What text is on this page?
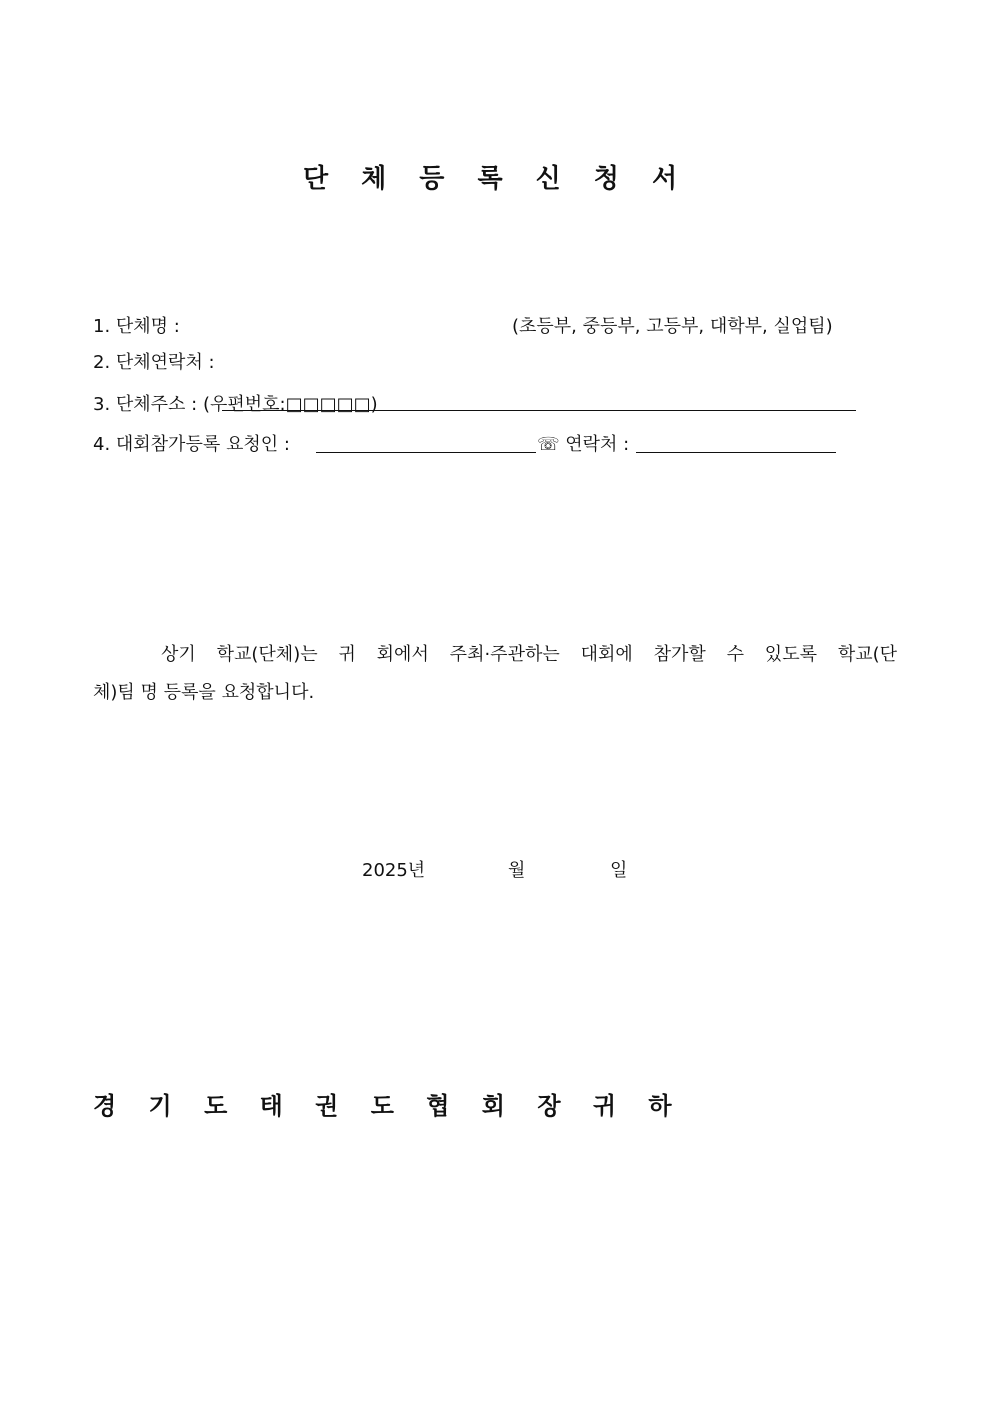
단 체 등 록 신 청 서
1. 단체명 :	(초등부, 중등부, 고등부, 대학부, 실업팀)
2. 단체연락처 :
3. 단체주소 : (우편번호:□□□□□)
4. 대회참가등록 요청인 :	☏ 연락처 :
상기 학교(단체)는 귀 회에서 주최·주관하는 대회에 참가할 수 있도록 학교(단
체)팀 명 등록을 요청합니다.
2025년	월	일
경 기 도 태 권 도 협 회 장 귀 하
